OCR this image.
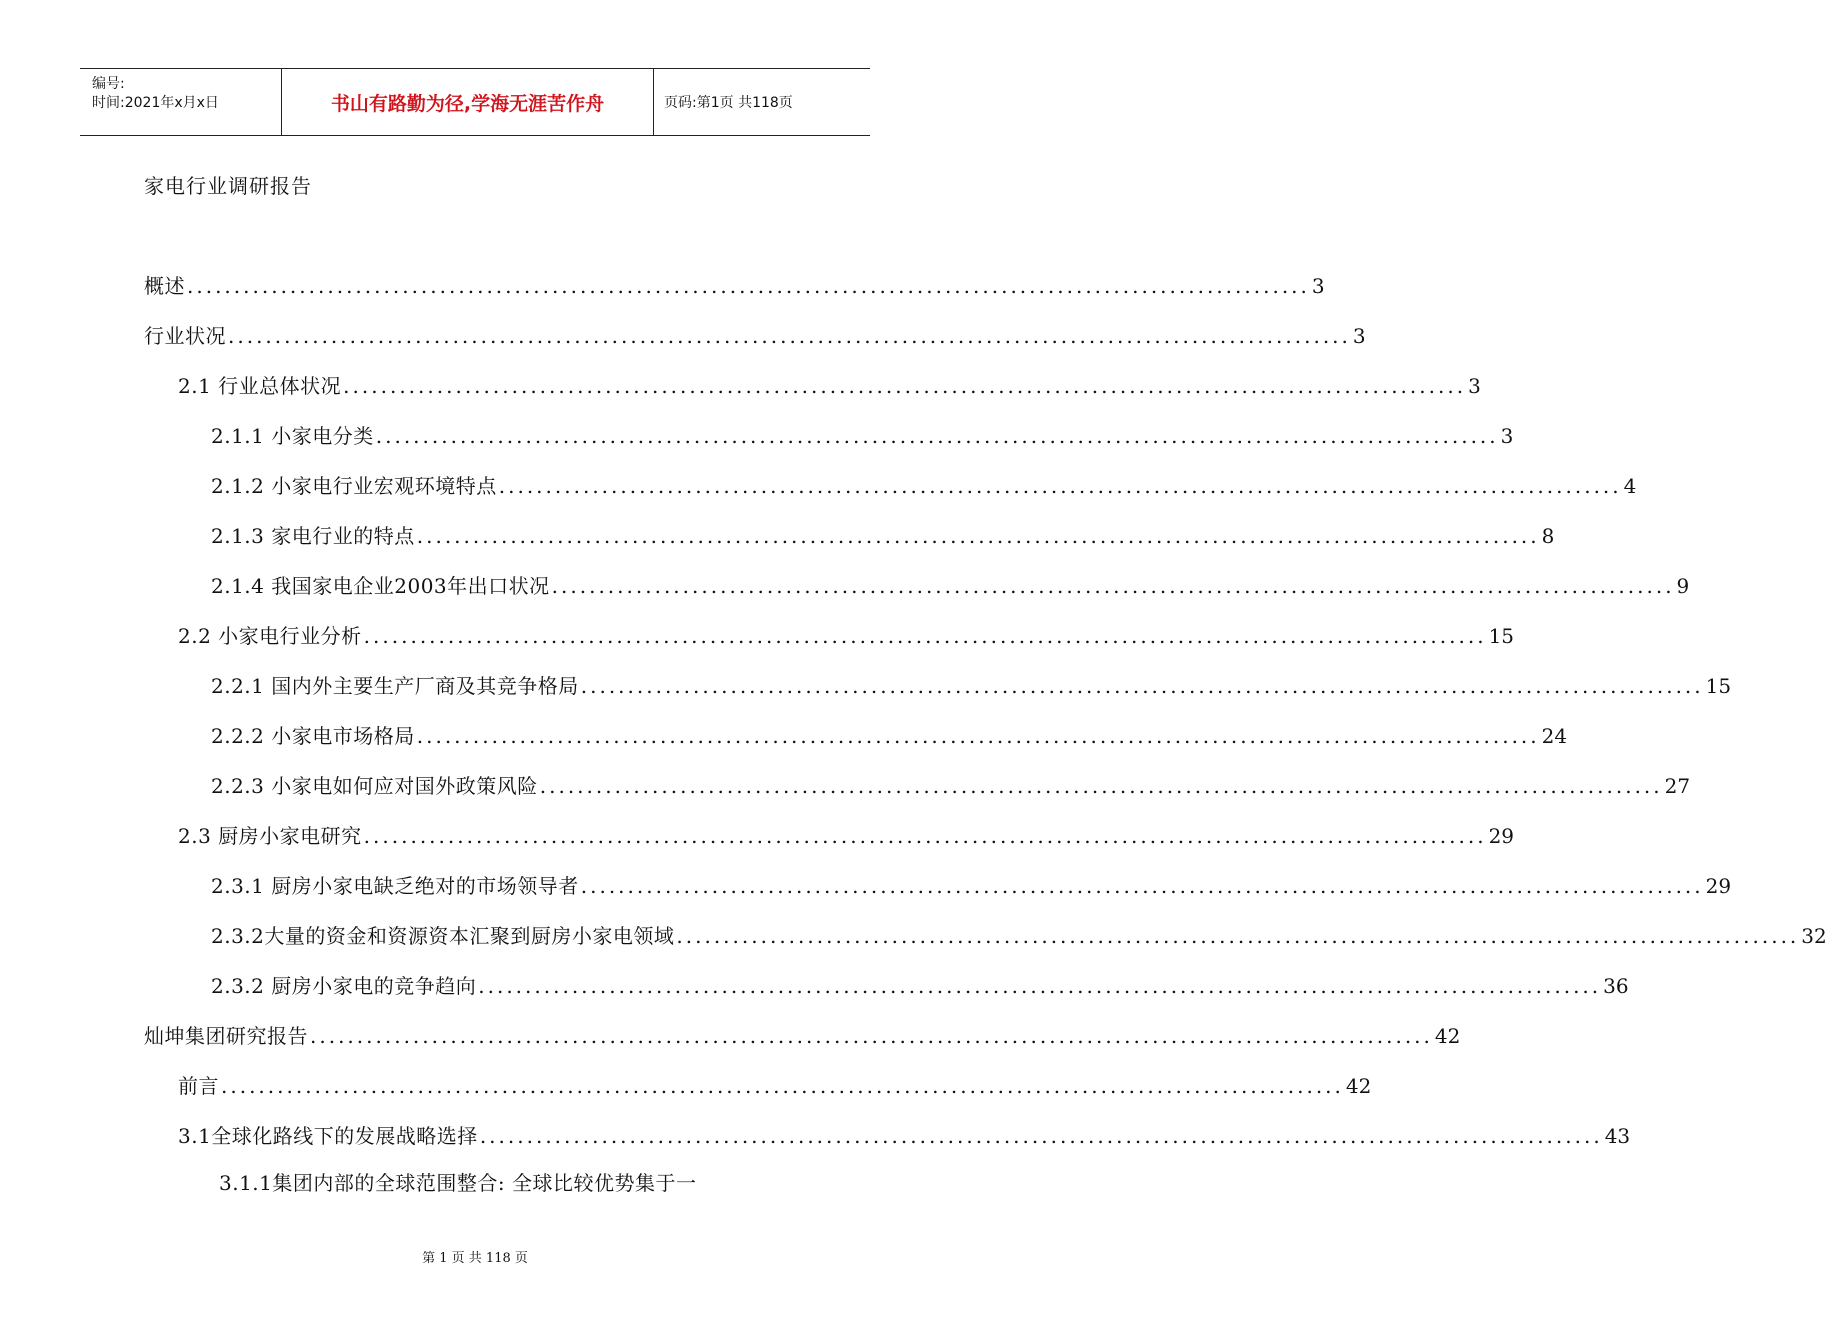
编号:
时间:2021年x月x日	书山有路勤为径,学海无涯苦作舟	页码:第1页 共118页
家电行业调研报告
概述 ........................................................................................................................ 3
行业状况 ........................................................................................................................ 3
2.1 行业总体状况 ........................................................................................................................ 3
2.1.1 小家电分类 ........................................................................................................................ 3
2.1.2 小家电行业宏观环境特点 ........................................................................................................................ 4
2.1.3 家电行业的特点 ........................................................................................................................ 8
2.1.4 我国家电企业2003年出口状况 ........................................................................................................................ 9
2.2 小家电行业分析 ........................................................................................................................ 15
2.2.1 国内外主要生产厂商及其竞争格局 ........................................................................................................................ 15
2.2.2 小家电市场格局 ........................................................................................................................ 24
2.2.3 小家电如何应对国外政策风险 ........................................................................................................................ 27
2.3 厨房小家电研究 ........................................................................................................................ 29
2.3.1 厨房小家电缺乏绝对的市场领导者 ........................................................................................................................ 29
2.3.2大量的资金和资源资本汇聚到厨房小家电领域 ........................................................................................................................ 32
2.3.2 厨房小家电的竞争趋向 ........................................................................................................................ 36
灿坤集团研究报告 ........................................................................................................................ 42
前言 ........................................................................................................................ 42
3.1全球化路线下的发展战略选择 ........................................................................................................................ 43
3.1.1集团内部的全球范围整合: 全球比较优势集于一
第 1 页 共 118 页
